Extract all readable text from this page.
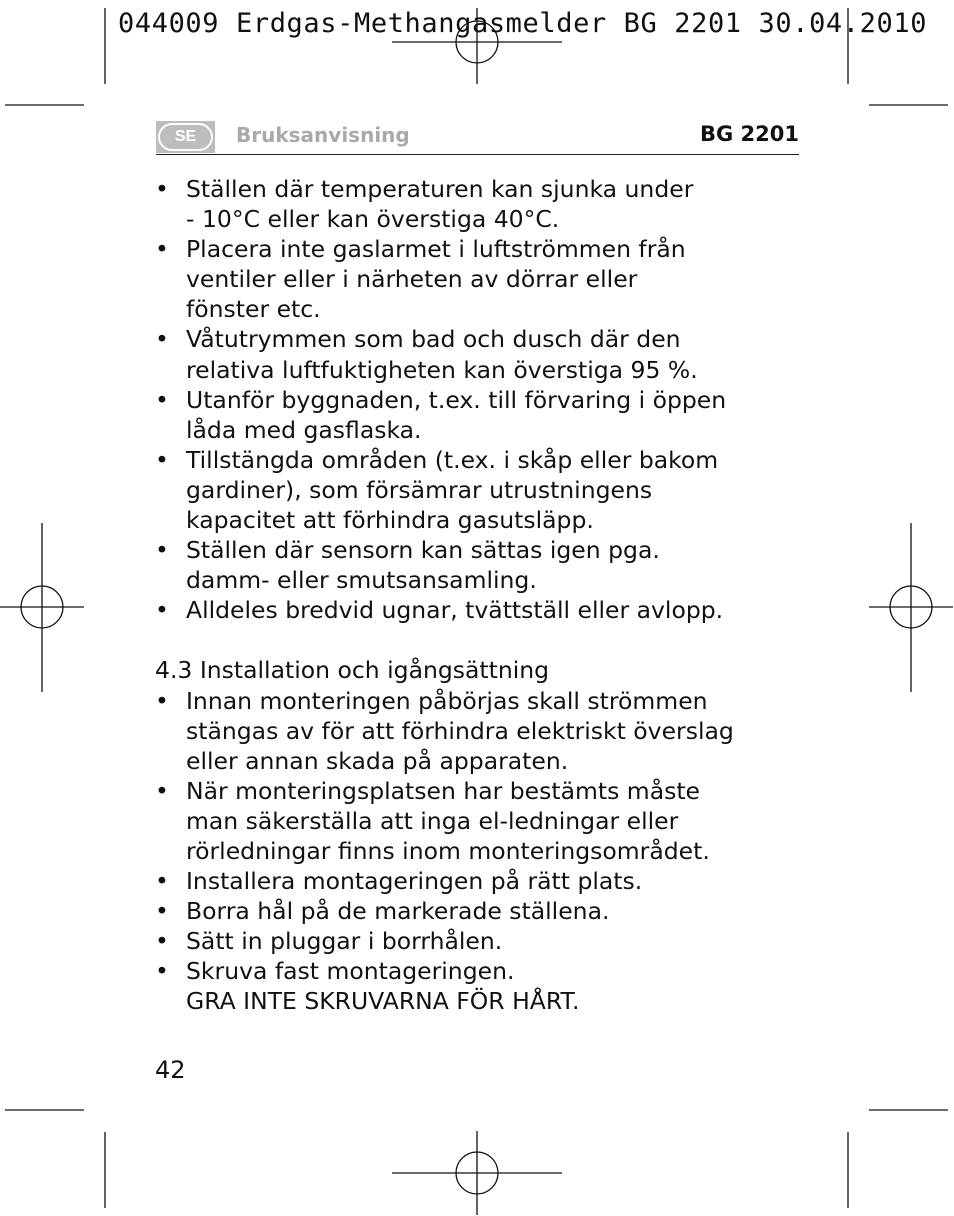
044009 Erdgas-Methangasmelder BG 2201 30.04.2010
SE	Bruksanvisning	BG 2201
• Ställen där temperaturen kan sjunka under
- 10°C eller kan överstiga 40°C.
• Placera inte gaslarmet i luftströmmen från
ventiler eller i närheten av dörrar eller
fönster etc.
• Våtutrymmen som bad och dusch där den
relativa luftfuktigheten kan överstiga 95 %.
• Utanför byggnaden, t.ex. till förvaring i öppen
låda med gasflaska.
• Tillstängda områden (t.ex. i skåp eller bakom
gardiner), som försämrar utrustningens
kapacitet att förhindra gasutsläpp.
• Ställen där sensorn kan sättas igen pga.
damm- eller smutsansamling.
• Alldeles bredvid ugnar, tvättställ eller avlopp.
4.3 Installation och igångsättning
• Innan monteringen påbörjas skall strömmen
stängas av för att förhindra elektriskt överslag
eller annan skada på apparaten.
• När monteringsplatsen har bestämts måste
man säkerställa att inga el-ledningar eller
rörledningar finns inom monteringsområdet.
• Installera montageringen på rätt plats.
• Borra hål på de markerade ställena.
• Sätt in pluggar i borrhålen.
• Skruva fast montageringen.
GRA INTE SKRUVARNA FÖR HÅRT.
42
